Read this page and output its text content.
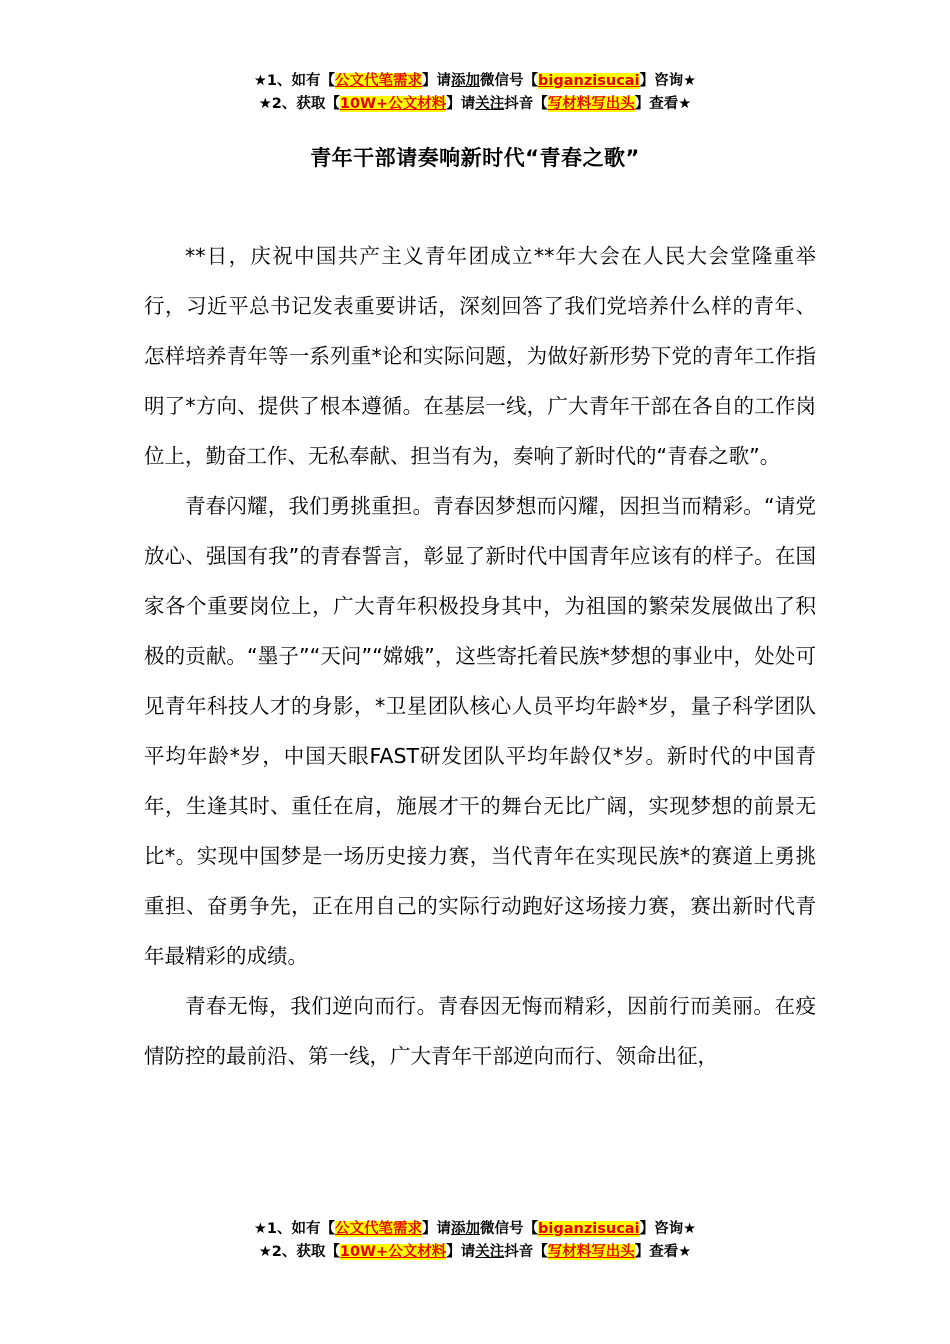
★1、如有【公文代笔需求】请添加微信号【biganzisucai】咨询★
★2、获取【10W+公文材料】请关注抖音【写材料写出头】查看★
青年干部请奏响新时代“青春之歌”

**日，庆祝中国共产主义青年团成立**年大会在人民大会堂隆重举行，习近平总书记发表重要讲话，深刻回答了我们党培养什么样的青年、怎样培养青年等一系列重*论和实际问题，为做好新形势下党的青年工作指明了*方向、提供了根本遵循。在基层一线，广大青年干部在各自的工作岗位上，勤奋工作、无私奉献、担当有为，奏响了新时代的“青春之歌”。

青春闪耀，我们勇挑重担。青春因梦想而闪耀，因担当而精彩。“请党放心、强国有我”的青春誓言，彰显了新时代中国青年应该有的样子。在国家各个重要岗位上，广大青年积极投身其中，为祖国的繁荣发展做出了积极的贡献。“墨子”“天问”“嫦娥”，这些寄托着民族*梦想的事业中，处处可见青年科技人才的身影，*卫星团队核心人员平均年龄*岁，量子科学团队平均年龄*岁，中国天眼FAST研发团队平均年龄仅*岁。新时代的中国青年，生逢其时、重任在肩，施展才干的舞台无比广阔，实现梦想的前景无比*。实现中国梦是一场历史接力赛，当代青年在实现民族*的赛道上勇挑重担、奋勇争先，正在用自己的实际行动跑好这场接力赛，赛出新时代青年最精彩的成绩。

青春无悔，我们逆向而行。青春因无悔而精彩，因前行而美丽。在疫情防控的最前沿、第一线，广大青年干部逆向而行、领命出征，

★1、如有【公文代笔需求】请添加微信号【biganzisucai】咨询★
★2、获取【10W+公文材料】请关注抖音【写材料写出头】查看★
